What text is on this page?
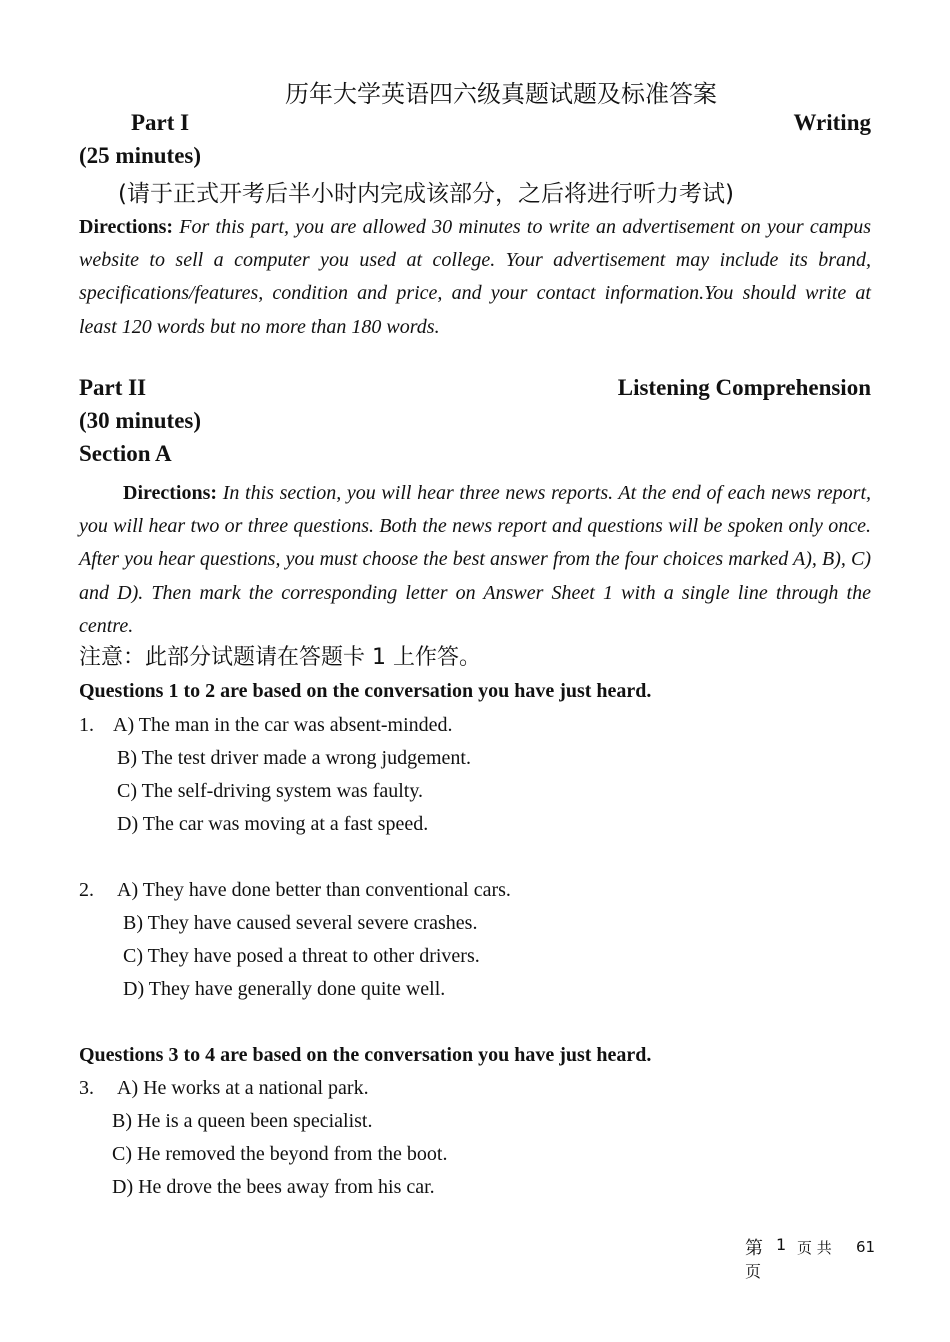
历年大学英语四六级真题试题及标准答案
Part I	Writing
(25 minutes)
(请于正式开考后半小时内完成该部分，之后将进行听力考试)
Directions: For this part, you are allowed 30 minutes to write an advertisement on your campus website to sell a computer you used at college. Your advertisement may include its brand, specifications/features, condition and price, and your contact information.You should write at least 120 words but no more than 180 words.
Part II	Listening Comprehension
(30 minutes)
Section A
Directions: In this section, you will hear three news reports. At the end of each news report, you will hear two or three questions. Both the news report and questions will be spoken only once. After you hear questions, you must choose the best answer from the four choices marked A), B), C) and D). Then mark the corresponding letter on Answer Sheet 1 with a single line through the centre.
注意：此部分试题请在答题卡 1 上作答。
Questions 1 to 2 are based on the conversation you have just heard.
1. A) The man in the car was absent-minded.
B) The test driver made a wrong judgement.
C) The self-driving system was faulty.
D) The car was moving at a fast speed.
2. A) They have done better than conventional cars.
B) They have caused several severe crashes.
C) They have posed a threat to other drivers.
D) They have generally done quite well.
Questions 3 to 4 are based on the conversation you have just heard.
3. A) He works at a national park.
B) He is a queen been specialist.
C) He removed the beyond from the boot.
D) He drove the bees away from his car.
第 1 页 共 61
页
